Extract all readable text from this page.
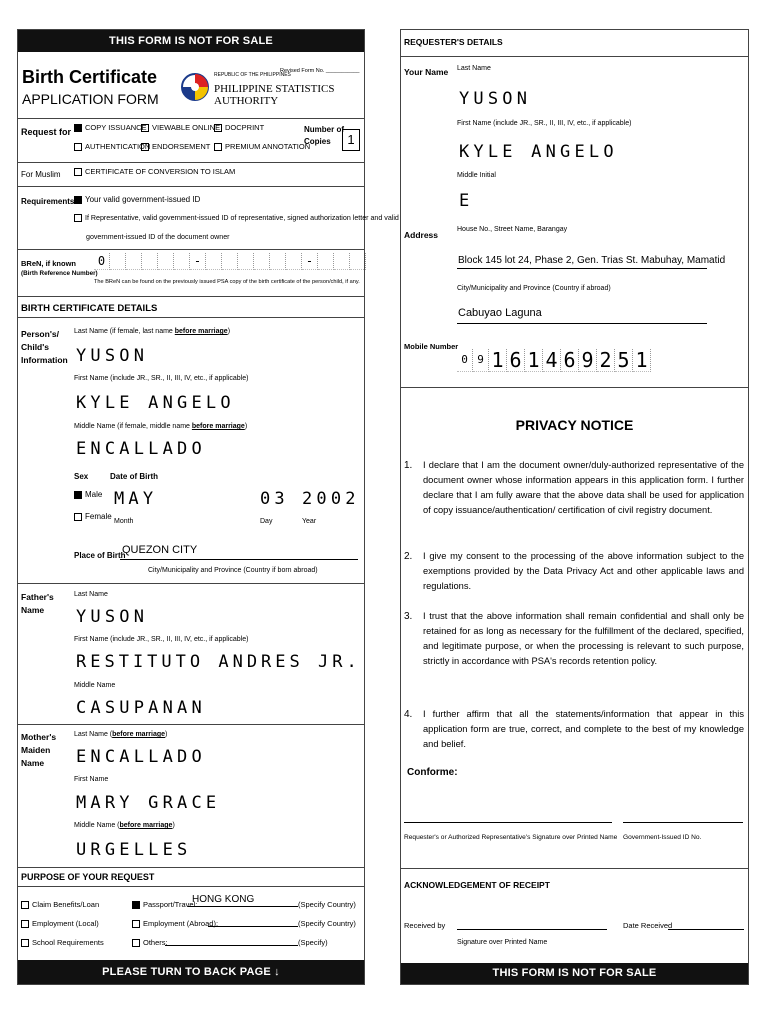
THIS FORM IS NOT FOR SALE
Birth Certificate
APPLICATION FORM
REPUBLIC OF THE PHILIPPINES
Revised Form No. ___________
PHILIPPINE STATISTICS AUTHORITY
Request for COPY ISSUANCE VIEWABLE ONLINE DOCPRINT
AUTHENTICATION ENDORSEMENT PREMIUM ANNOTATION
Number of
Copies	1
For Muslim	CERTIFICATE OF CONVERSION TO ISLAM
Requirements Your valid government-issued ID
If Representative, valid government-issued ID of representative, signed authorization letter and valid
government-issued ID of the document owner
BReN, if known
(Birth Reference Number)
0	-	-
The BReN can be found on the previously issued PSA copy of the birth certificate of the person/child, if any.
BIRTH CERTIFICATE DETAILS
Person's/
Child's
Information
Last Name (if female, last name before marriage)
YUSON
First Name (include JR., SR., II, III, IV, etc., if applicable)
KYLE ANGELO
Middle Name (if female, middle name before marriage)
ENCALLADO
Sex	Date of Birth
Male
Female
MAY	03 2002
Month	Day	Year
Place of Birth
QUEZON CITY
City/Municipality and Province (Country if born abroad)
Father's
Name
Last Name
YUSON
First Name (include JR., SR., II, III, IV, etc., if applicable)
RESTITUTO ANDRES JR.
Middle Name
CASUPANAN
Mother's
Maiden
Name
Last Name (before marriage)
ENCALLADO
First Name
MARY GRACE
Middle Name (before marriage)
URGELLES
PURPOSE OF YOUR REQUEST
Claim Benefits/Loan	Passport/Travel:
HONG KONG	(Specify Country)
Employment (Local)	Employment (Abroad):	(Specify Country)
School Requirements	Others:	(Specify)
PLEASE TURN TO BACK PAGE ↓
REQUESTER'S DETAILS
Your Name Last Name
YUSON
First Name (include JR., SR., II, III, IV, etc., if applicable)
KYLE ANGELO
Middle Initial
E
Address
House No., Street Name, Barangay
Block 145 lot 24, Phase 2, Gen. Trias St. Mabuhay, Mamatid
City/Municipality and Province (Country if abroad)
Cabuyao Laguna
Mobile Number
0 9 1 6 1 4 6 9 2 5 1
PRIVACY NOTICE
1.	I declare that I am the document owner/duly-authorized representative of the document owner whose information appears in this application form. I further declare that I am fully aware that the above data shall be used for application of copy issuance/authentication/ certification of civil registry document.
2.	I give my consent to the processing of the above information subject to the exemptions provided by the Data Privacy Act and other applicable laws and regulations.
3.	I trust that the above information shall remain confidential and shall only be retained for as long as necessary for the fulfillment of the declared, specified, and legitimate purpose, or when the processing is relevant to such purpose, strictly in accordance with PSA's records retention policy.
4.	I further affirm that all the statements/information that appear in this application form are true, correct, and complete to the best of my knowledge and belief.
Conforme:
Requester's or Authorized Representative's Signature over Printed Name Government-Issued ID No.
ACKNOWLEDGEMENT OF RECEIPT
Received by
Signature over Printed Name
Date Received
THIS FORM IS NOT FOR SALE
